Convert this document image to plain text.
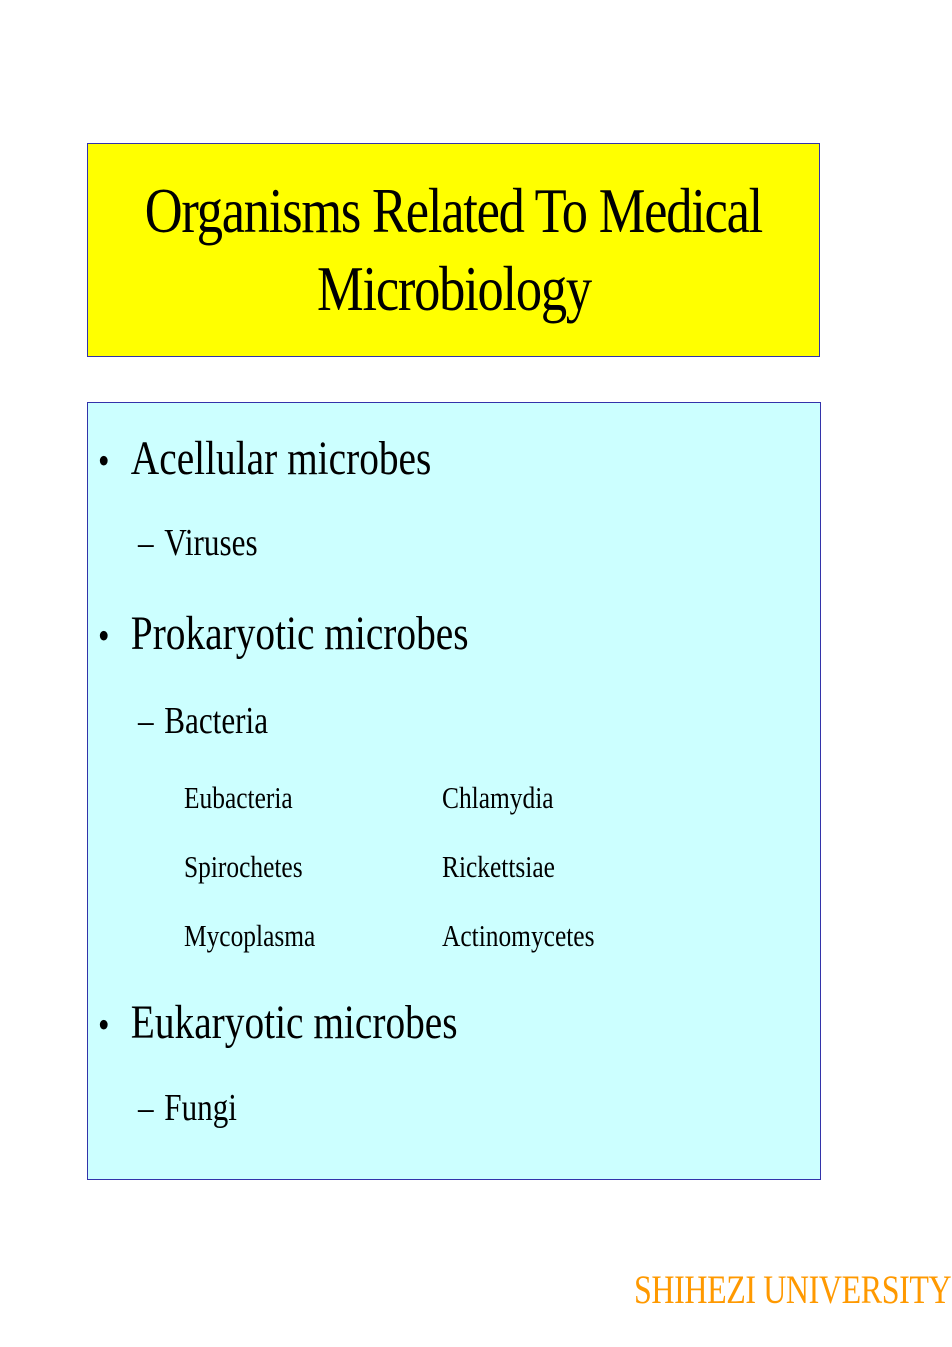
Organisms Related To Medical
Microbiology
• Acellular microbes
– Viruses
• Prokaryotic microbes
– Bacteria
Eubacteria	Chlamydia
Spirochetes	Rickettsiae
Mycoplasma	Actinomycetes
• Eukaryotic microbes
– Fungi
SHIHEZI UNIVERSITY
